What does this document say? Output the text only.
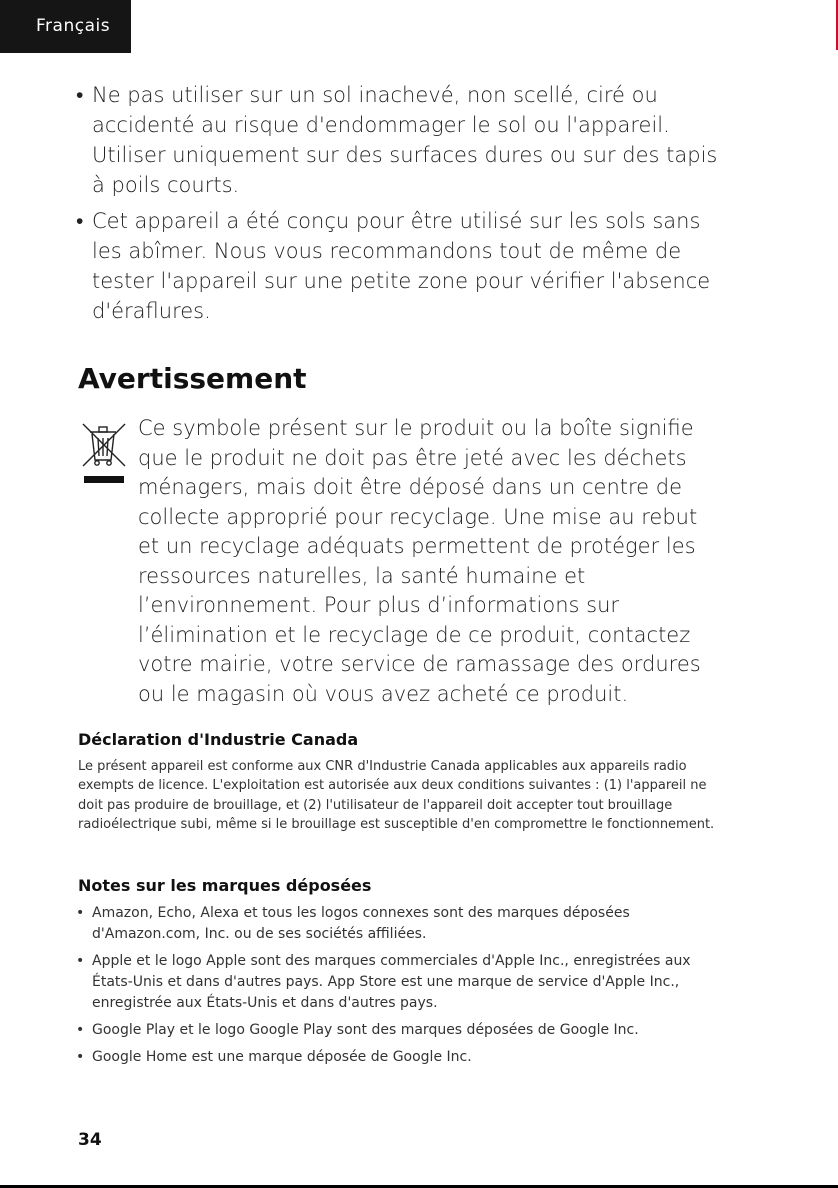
Français
• Ne pas utiliser sur un sol inachevé, non scellé, ciré ou accidenté au risque d'endommager le sol ou l'appareil. Utiliser uniquement sur des surfaces dures ou sur des tapis à poils courts.
• Cet appareil a été conçu pour être utilisé sur les sols sans les abîmer. Nous vous recommandons tout de même de tester l'appareil sur une petite zone pour vérifier l'absence d'éraflures.
Avertissement

Ce symbole présent sur le produit ou la boîte signifie que le produit ne doit pas être jeté avec les déchets ménagers, mais doit être déposé dans un centre de collecte approprié pour recyclage. Une mise au rebut et un recyclage adéquats permettent de protéger les ressources naturelles, la santé humaine et l’environnement. Pour plus d’informations sur l’élimination et le recyclage de ce produit, contactez votre mairie, votre service de ramassage des ordures ou le magasin où vous avez acheté ce produit.

Déclaration d'Industrie Canada

Le présent appareil est conforme aux CNR d'Industrie Canada applicables aux appareils radio exempts de licence. L'exploitation est autorisée aux deux conditions suivantes : (1) l'appareil ne doit pas produire de brouillage, et (2) l'utilisateur de l'appareil doit accepter tout brouillage radioélectrique subi, même si le brouillage est susceptible d'en compromettre le fonctionnement.

Notes sur les marques déposées
• Amazon, Echo, Alexa et tous les logos connexes sont des marques déposées d'Amazon.com, Inc. ou de ses sociétés affiliées.
• Apple et le logo Apple sont des marques commerciales d'Apple Inc., enregistrées aux États-Unis et dans d'autres pays. App Store est une marque de service d'Apple Inc., enregistrée aux États-Unis et dans d'autres pays.
• Google Play et le logo Google Play sont des marques déposées de Google Inc.
• Google Home est une marque déposée de Google Inc.
34
